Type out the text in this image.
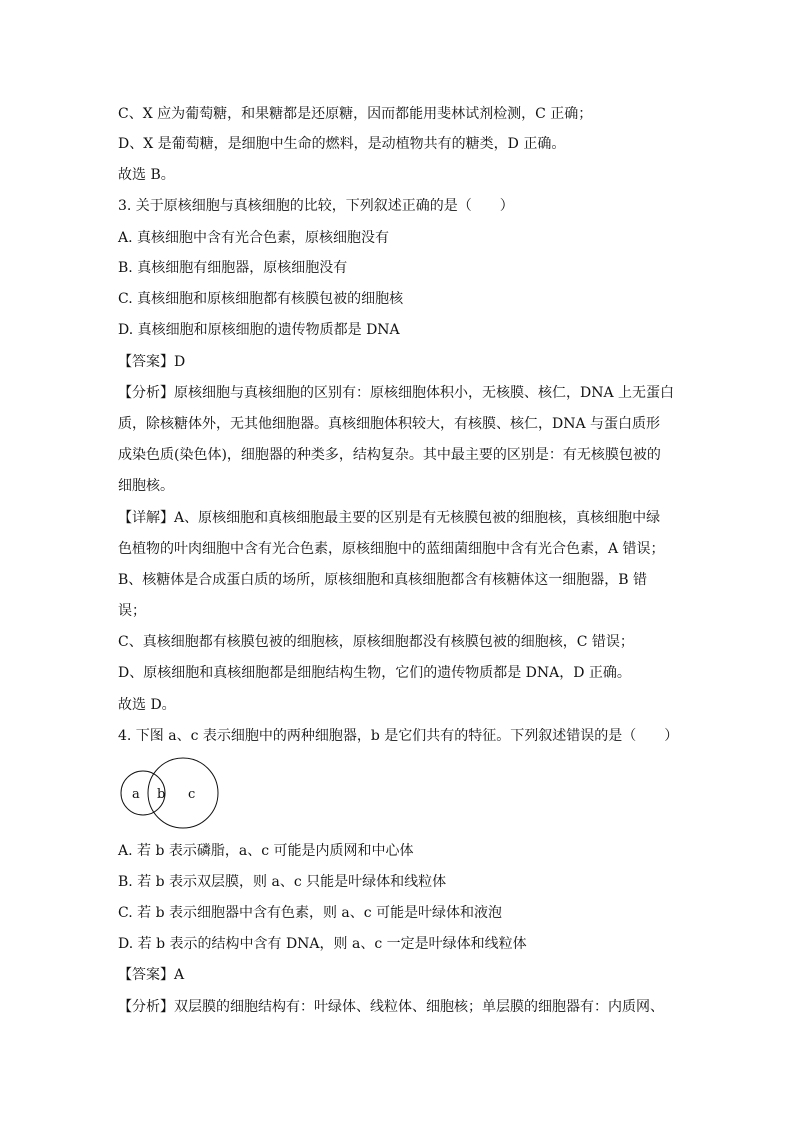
C、X 应为葡萄糖，和果糖都是还原糖，因而都能用斐林试剂检测，C 正确；
D、X 是葡萄糖，是细胞中生命的燃料，是动植物共有的糖类，D 正确。
故选 B。
3. 关于原核细胞与真核细胞的比较，下列叙述正确的是（　　）
A. 真核细胞中含有光合色素，原核细胞没有
B. 真核细胞有细胞器，原核细胞没有
C. 真核细胞和原核细胞都有核膜包被的细胞核
D. 真核细胞和原核细胞的遗传物质都是 DNA
【答案】D
【分析】原核细胞与真核细胞的区别有：原核细胞体积小，无核膜、核仁，DNA 上无蛋白
质，除核糖体外，无其他细胞器。真核细胞体积较大，有核膜、核仁，DNA 与蛋白质形
成染色质(染色体)，细胞器的种类多，结构复杂。其中最主要的区别是：有无核膜包被的
细胞核。
【详解】A、原核细胞和真核细胞最主要的区别是有无核膜包被的细胞核，真核细胞中绿
色植物的叶肉细胞中含有光合色素，原核细胞中的蓝细菌细胞中含有光合色素，A 错误；
B、核糖体是合成蛋白质的场所，原核细胞和真核细胞都含有核糖体这一细胞器，B 错
误；
C、真核细胞都有核膜包被的细胞核，原核细胞都没有核膜包被的细胞核，C 错误；
D、原核细胞和真核细胞都是细胞结构生物，它们的遗传物质都是 DNA，D 正确。
故选 D。
4. 下图 a、c 表示细胞中的两种细胞器，b 是它们共有的特征。下列叙述错误的是（　　）
a b c
A. 若 b 表示磷脂，a、c 可能是内质网和中心体
B. 若 b 表示双层膜，则 a、c 只能是叶绿体和线粒体
C. 若 b 表示细胞器中含有色素，则 a、c 可能是叶绿体和液泡
D. 若 b 表示的结构中含有 DNA，则 a、c 一定是叶绿体和线粒体
【答案】A
【分析】双层膜的细胞结构有：叶绿体、线粒体、细胞核；单层膜的细胞器有：内质网、
